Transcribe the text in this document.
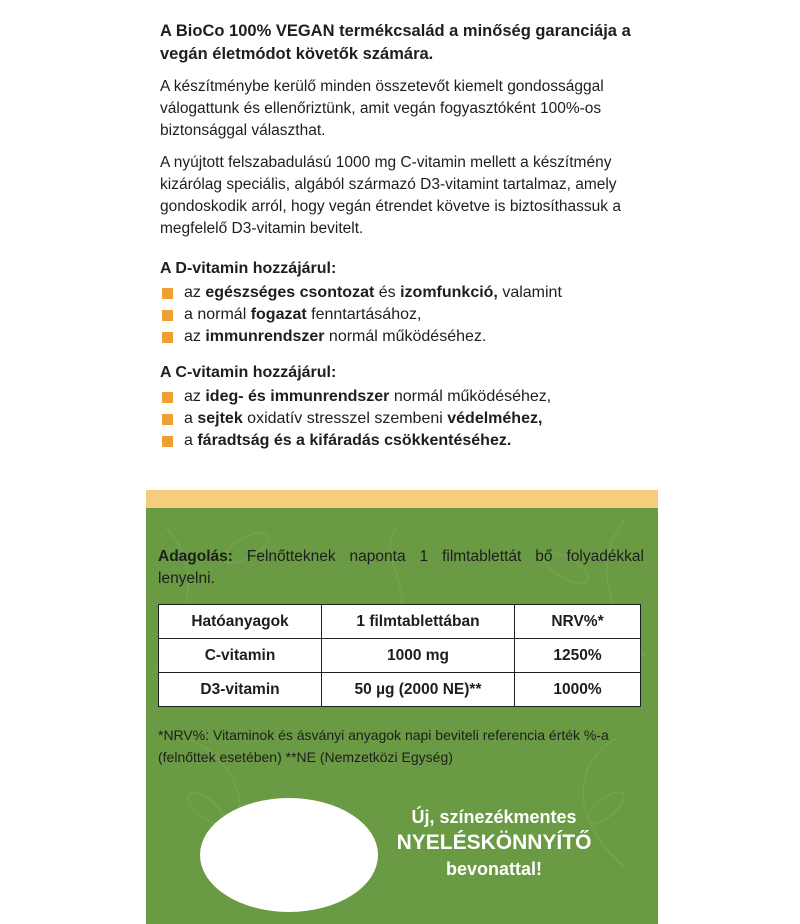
A BioCo 100% VEGAN termékcsalád a minőség garanciája a vegán életmódot követők számára.

A készítménybe kerülő minden összetevőt kiemelt gondossággal válogattunk és ellenőriztünk, amit vegán fogyasztóként 100%-os biztonsággal választhat.

A nyújtott felszabadulású 1000 mg C-vitamin mellett a készítmény kizárólag speciális, algából származó D3-vitamint tartalmaz, amely gondoskodik arról, hogy vegán étrendet követve is biztosíthassuk a megfelelő D3-vitamin bevitelt.

A D-vitamin hozzájárul:
az egészséges csontozat és izomfunkció, valamint
a normál fogazat fenntartásához,
az immunrendszer normál működéséhez.
A C-vitamin hozzájárul:
az ideg- és immunrendszer normál működéséhez,
a sejtek oxidatív stresszel szembeni védelméhez,
a fáradtság és a kifáradás csökkentéséhez.
Adagolás: Felnőtteknek naponta 1 filmtablettát bő folyadékkal lenyelni.
Hatóanyagok	1 filmtablettában	NRV%*
C-vitamin	1000 mg	1250%
D3-vitamin	50 µg (2000 NE)**	1000%
*NRV%: Vitaminok és ásványi anyagok napi beviteli referencia érték %-a (felnőttek esetében) **NE (Nemzetközi Egység)
Új, színezékmentes
NYELÉSKÖNNYÍTŐ
bevonattal!
